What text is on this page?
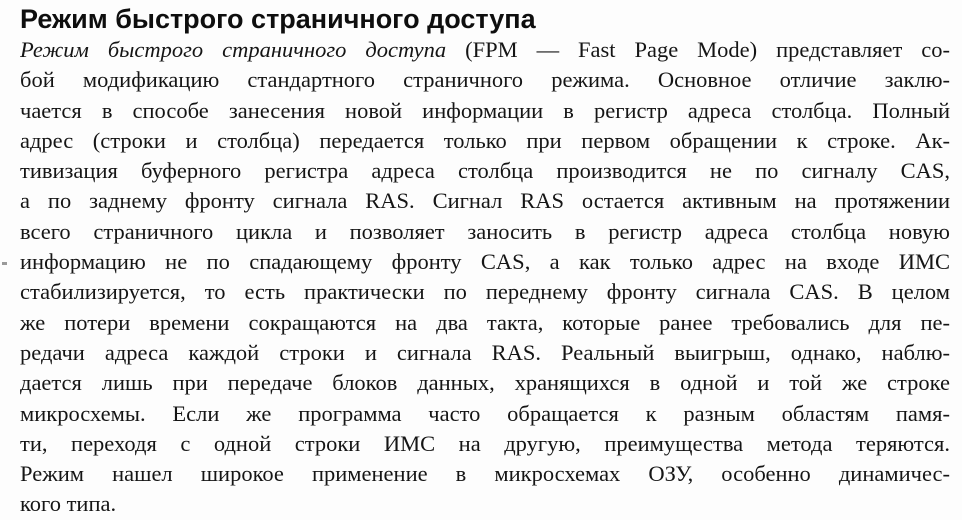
Режим быстрого страничного доступа
Режим быстрого страничного доступа (FPM — Fast Page Mode) представляет со-
бой модификацию стандартного страничного режима. Основное отличие заклю-
чается в способе занесения новой информации в регистр адреса столбца. Полный
адрес (строки и столбца) передается только при первом обращении к строке. Ак-
тивизация буферного регистра адреса столбца производится не по сигналу CAS,
а по заднему фронту сигнала RAS. Сигнал RAS остается активным на протяжении
всего страничного цикла и позволяет заносить в регистр адреса столбца новую
информацию не по спадающему фронту CAS, а как только адрес на входе ИМС
стабилизируется, то есть практически по переднему фронту сигнала CAS. В целом
же потери времени сокращаются на два такта, которые ранее требовались для пе-
редачи адреса каждой строки и сигнала RAS. Реальный выигрыш, однако, наблю-
дается лишь при передаче блоков данных, хранящихся в одной и той же строке
микросхемы. Если же программа часто обращается к разным областям памя-
ти, переходя с одной строки ИМС на другую, преимущества метода теряются.
Режим нашел широкое применение в микросхемах ОЗУ, особенно динамичес-
кого типа.
